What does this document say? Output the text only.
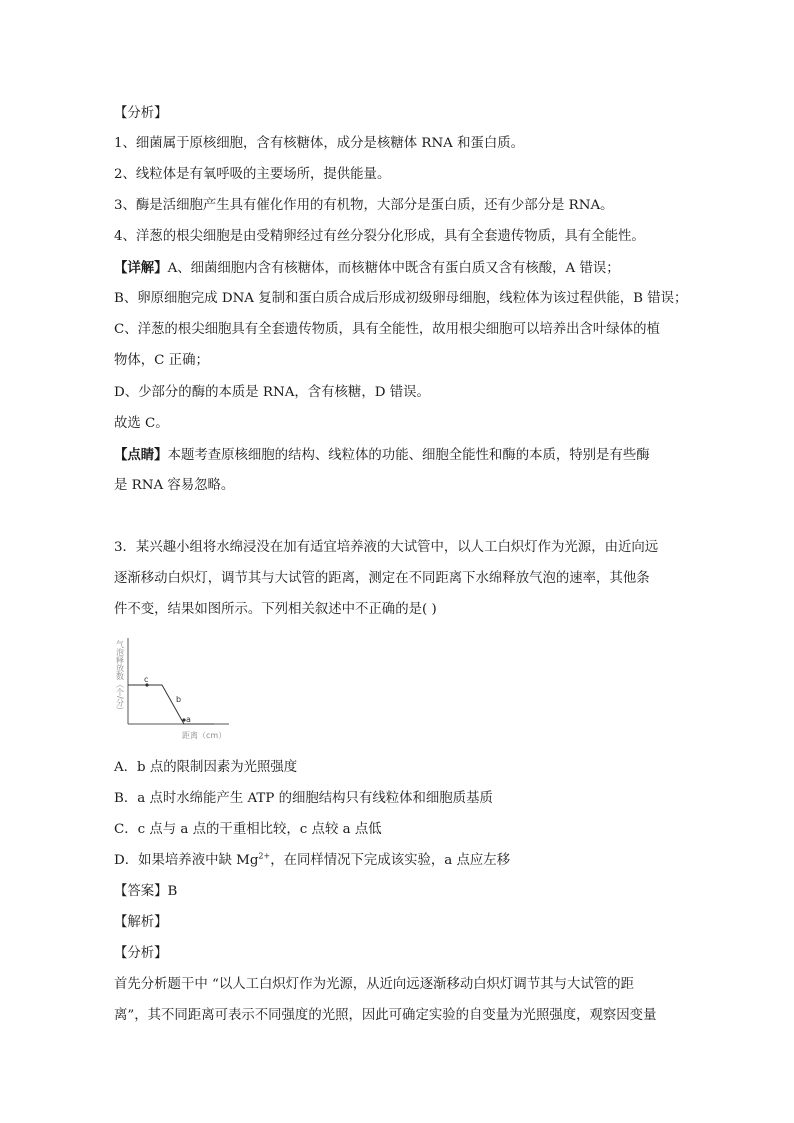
【分析】
1、细菌属于原核细胞，含有核糖体，成分是核糖体 RNA 和蛋白质。
2、线粒体是有氧呼吸的主要场所，提供能量。
3、酶是活细胞产生具有催化作用的有机物，大部分是蛋白质，还有少部分是 RNA。
4、洋葱的根尖细胞是由受精卵经过有丝分裂分化形成，具有全套遗传物质，具有全能性。
【详解】A、细菌细胞内含有核糖体，而核糖体中既含有蛋白质又含有核酸，A 错误；
B、卵原细胞完成 DNA 复制和蛋白质合成后形成初级卵母细胞，线粒体为该过程供能，B 错误；
C、洋葱的根尖细胞具有全套遗传物质，具有全能性，故用根尖细胞可以培养出含叶绿体的植
物体，C 正确；
D、少部分的酶的本质是 RNA，含有核糖，D 错误。
故选 C。
【点睛】本题考查原核细胞的结构、线粒体的功能、细胞全能性和酶的本质，特别是有些酶
是 RNA 容易忽略。
3．某兴趣小组将水绵浸没在加有适宜培养液的大试管中，以人工白炽灯作为光源，由近向远
逐渐移动白炽灯，调节其与大试管的距离，测定在不同距离下水绵释放气泡的速率，其他条
件不变，结果如图所示。下列相关叙述中不正确的是( )
气泡释放数（个/分） c
b
a
距离（cm）
A．b 点的限制因素为光照强度
B．a 点时水绵能产生 ATP 的细胞结构只有线粒体和细胞质基质
C．c 点与 a 点的干重相比较，c 点较 a 点低
D．如果培养液中缺 $Mg^{2+}$，在同样情况下完成该实验，a 点应左移
【答案】B
【解析】
【分析】
首先分析题干中 “以人工白炽灯作为光源，从近向远逐渐移动白炽灯调节其与大试管的距
离”，其不同距离可表示不同强度的光照，因此可确定实验的自变量为光照强度，观察因变量
